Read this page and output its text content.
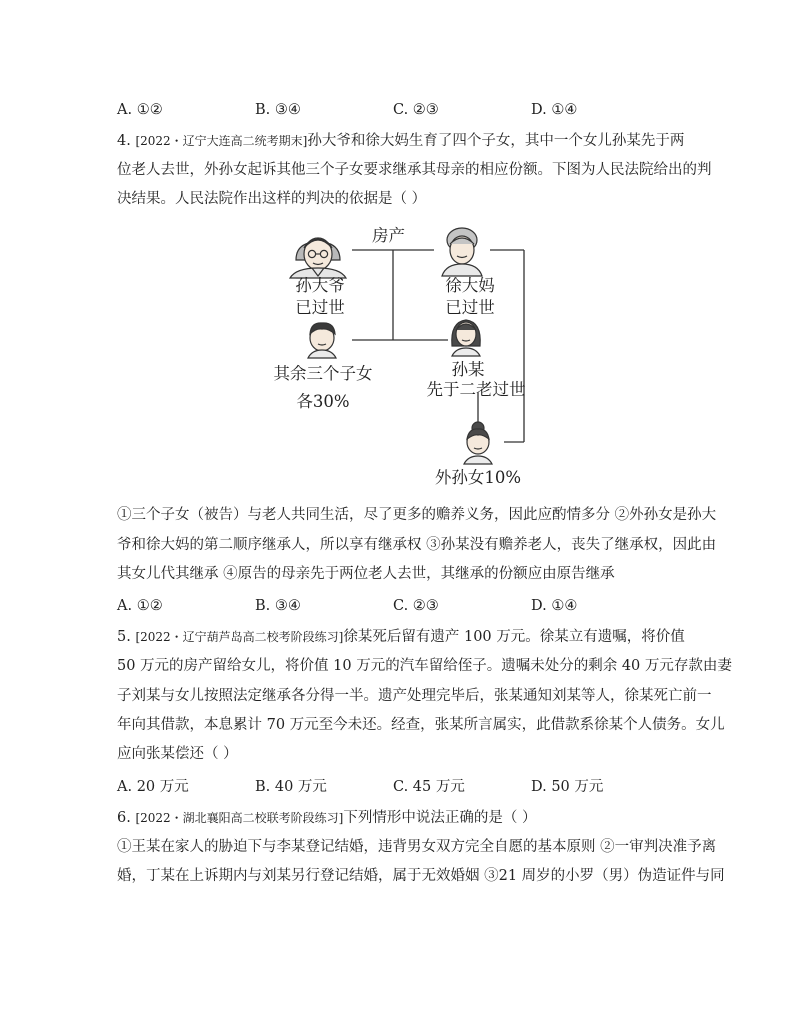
A. ①②	B. ③④	C. ②③	D. ①④
4. [2022・辽宁大连高二统考期末]孙大爷和徐大妈生育了四个子女，其中一个女儿孙某先于两
位老人去世，外孙女起诉其他三个子女要求继承其母亲的相应份额。下图为人民法院给出的判
决结果。人民法院作出这样的判决的依据是（ ）
房产
孙大爷
已过世
徐大妈
已过世
其余三个子女
各30%
孙某
先于二老过世
外孙女10%
①三个子女（被告）与老人共同生活，尽了更多的赡养义务，因此应酌情多分 ②外孙女是孙大
爷和徐大妈的第二顺序继承人，所以享有继承权 ③孙某没有赡养老人，丧失了继承权，因此由
其女儿代其继承 ④原告的母亲先于两位老人去世，其继承的份额应由原告继承
A. ①②	B. ③④	C. ②③	D. ①④
5. [2022・辽宁葫芦岛高二校考阶段练习]徐某死后留有遗产 100 万元。徐某立有遗嘱，将价值
50 万元的房产留给女儿，将价值 10 万元的汽车留给侄子。遗嘱未处分的剩余 40 万元存款由妻
子刘某与女儿按照法定继承各分得一半。遗产处理完毕后，张某通知刘某等人，徐某死亡前一
年向其借款，本息累计 70 万元至今未还。经查，张某所言属实，此借款系徐某个人债务。女儿
应向张某偿还（ ）
A. 20 万元	B. 40 万元	C. 45 万元	D. 50 万元
6. [2022・湖北襄阳高二校联考阶段练习]下列情形中说法正确的是（ ）
①王某在家人的胁迫下与李某登记结婚，违背男女双方完全自愿的基本原则 ②一审判决准予离
婚，丁某在上诉期内与刘某另行登记结婚，属于无效婚姻 ③21 周岁的小罗（男）伪造证件与同
